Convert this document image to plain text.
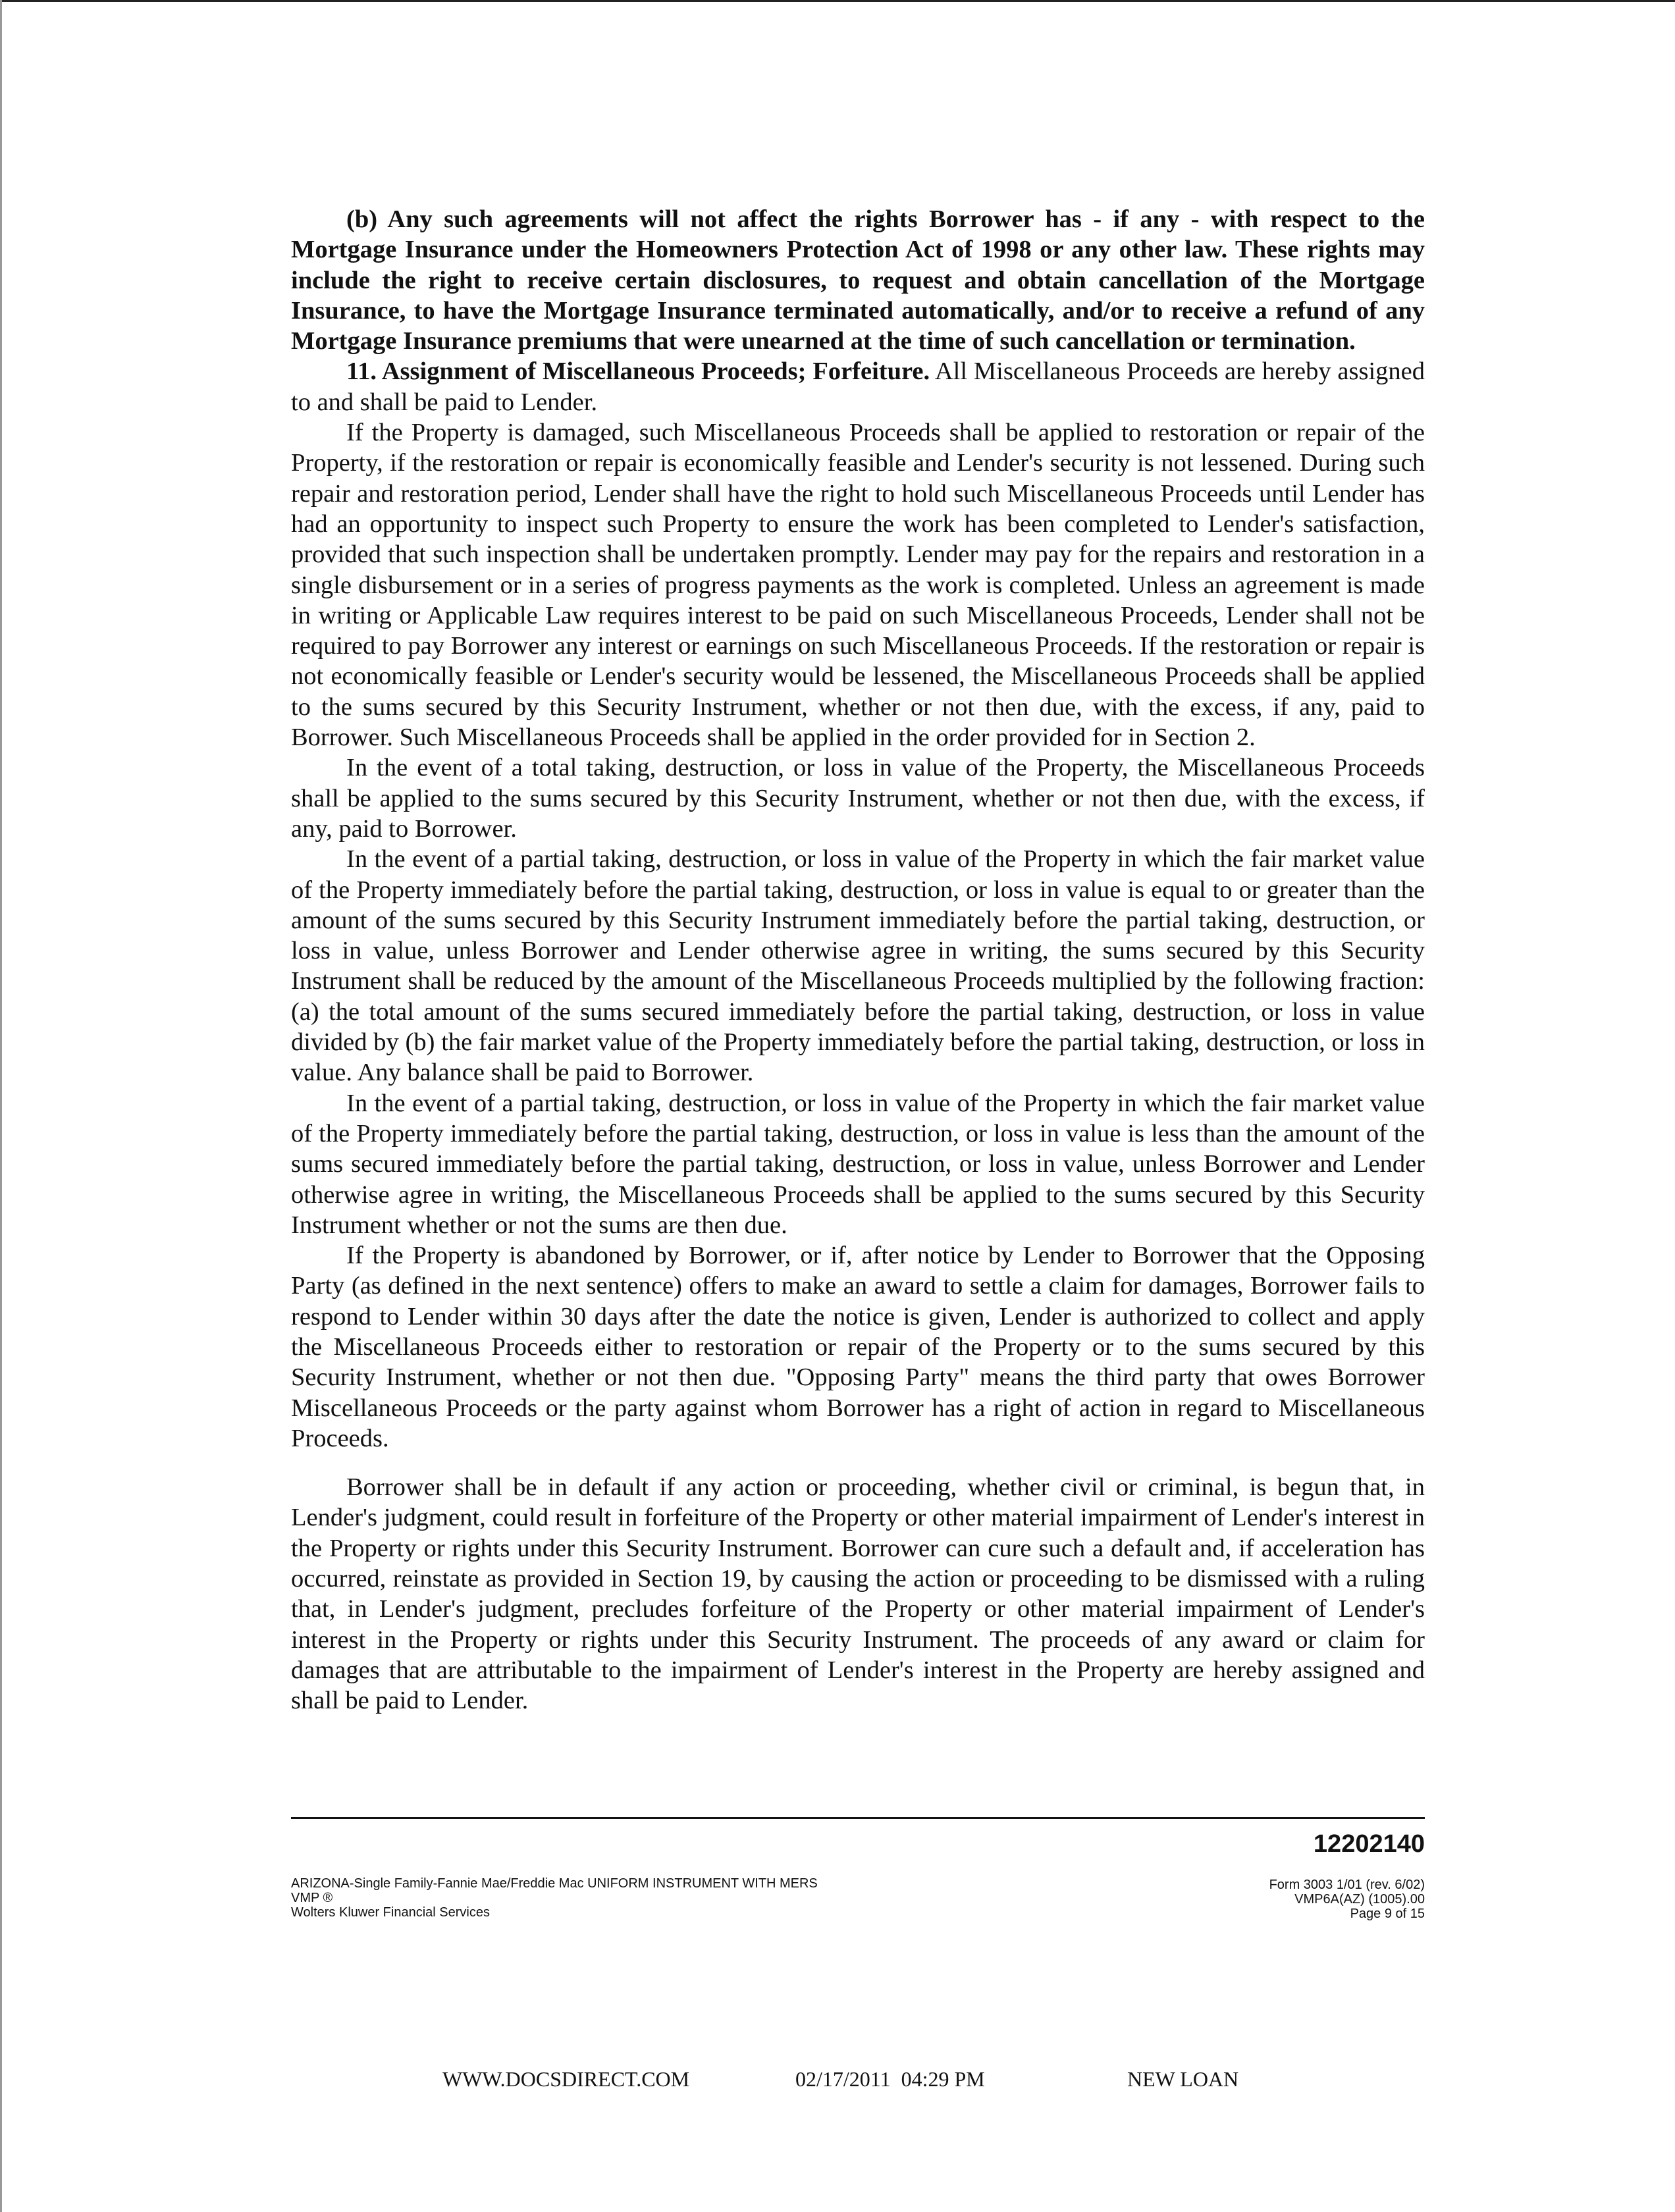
(b) Any such agreements will not affect the rights Borrower has - if any - with respect to the Mortgage Insurance under the Homeowners Protection Act of 1998 or any other law. These rights may include the right to receive certain disclosures, to request and obtain cancellation of the Mortgage Insurance, to have the Mortgage Insurance terminated automatically, and/or to receive a refund of any Mortgage Insurance premiums that were unearned at the time of such cancellation or termination.

11. Assignment of Miscellaneous Proceeds; Forfeiture. All Miscellaneous Proceeds are hereby assigned to and shall be paid to Lender.

If the Property is damaged, such Miscellaneous Proceeds shall be applied to restoration or repair of the Property, if the restoration or repair is economically feasible and Lender's security is not lessened. During such repair and restoration period, Lender shall have the right to hold such Miscellaneous Proceeds until Lender has had an opportunity to inspect such Property to ensure the work has been completed to Lender's satisfaction, provided that such inspection shall be undertaken promptly. Lender may pay for the repairs and restoration in a single disbursement or in a series of progress payments as the work is completed. Unless an agreement is made in writing or Applicable Law requires interest to be paid on such Miscellaneous Proceeds, Lender shall not be required to pay Borrower any interest or earnings on such Miscellaneous Proceeds. If the restoration or repair is not economically feasible or Lender's security would be lessened, the Miscellaneous Proceeds shall be applied to the sums secured by this Security Instrument, whether or not then due, with the excess, if any, paid to Borrower. Such Miscellaneous Proceeds shall be applied in the order provided for in Section 2.

In the event of a total taking, destruction, or loss in value of the Property, the Miscellaneous Proceeds shall be applied to the sums secured by this Security Instrument, whether or not then due, with the excess, if any, paid to Borrower.

In the event of a partial taking, destruction, or loss in value of the Property in which the fair market value of the Property immediately before the partial taking, destruction, or loss in value is equal to or greater than the amount of the sums secured by this Security Instrument immediately before the partial taking, destruction, or loss in value, unless Borrower and Lender otherwise agree in writing, the sums secured by this Security Instrument shall be reduced by the amount of the Miscellaneous Proceeds multiplied by the following fraction: (a) the total amount of the sums secured immediately before the partial taking, destruction, or loss in value divided by (b) the fair market value of the Property immediately before the partial taking, destruction, or loss in value. Any balance shall be paid to Borrower.

In the event of a partial taking, destruction, or loss in value of the Property in which the fair market value of the Property immediately before the partial taking, destruction, or loss in value is less than the amount of the sums secured immediately before the partial taking, destruction, or loss in value, unless Borrower and Lender otherwise agree in writing, the Miscellaneous Proceeds shall be applied to the sums secured by this Security Instrument whether or not the sums are then due.

If the Property is abandoned by Borrower, or if, after notice by Lender to Borrower that the Opposing Party (as defined in the next sentence) offers to make an award to settle a claim for damages, Borrower fails to respond to Lender within 30 days after the date the notice is given, Lender is authorized to collect and apply the Miscellaneous Proceeds either to restoration or repair of the Property or to the sums secured by this Security Instrument, whether or not then due. "Opposing Party" means the third party that owes Borrower Miscellaneous Proceeds or the party against whom Borrower has a right of action in regard to Miscellaneous Proceeds.

Borrower shall be in default if any action or proceeding, whether civil or criminal, is begun that, in Lender's judgment, could result in forfeiture of the Property or other material impairment of Lender's interest in the Property or rights under this Security Instrument. Borrower can cure such a default and, if acceleration has occurred, reinstate as provided in Section 19, by causing the action or proceeding to be dismissed with a ruling that, in Lender's judgment, precludes forfeiture of the Property or other material impairment of Lender's interest in the Property or rights under this Security Instrument. The proceeds of any award or claim for damages that are attributable to the impairment of Lender's interest in the Property are hereby assigned and shall be paid to Lender.

12202140
ARIZONA-Single Family-Fannie Mae/Freddie Mac UNIFORM INSTRUMENT WITH MERS
VMP ®
Wolters Kluwer Financial Services
Form 3003 1/01 (rev. 6/02)
VMP6A(AZ) (1005).00
Page 9 of 15
WWW.DOCSDIRECT.COM	02/17/2011  04:29 PM	NEW LOAN
